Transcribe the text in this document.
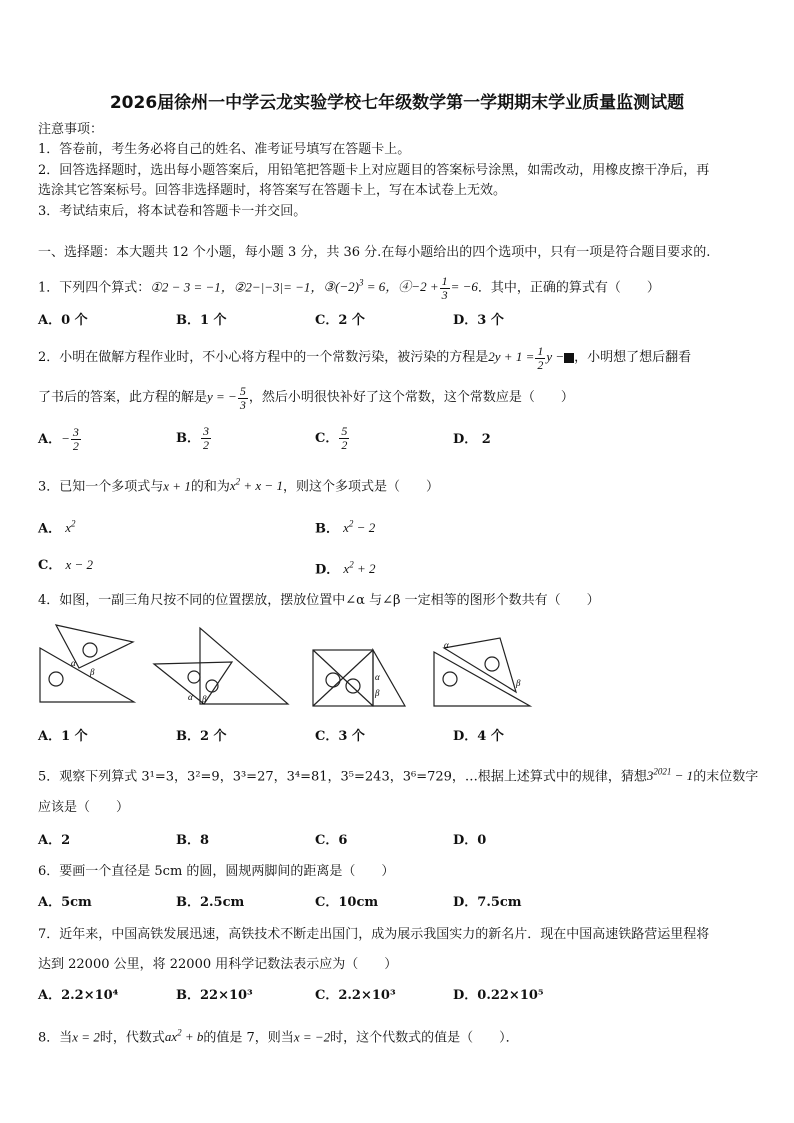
2026届徐州一中学云龙实验学校七年级数学第一学期期末学业质量监测试题
注意事项：
1．答卷前，考生务必将自己的姓名、准考证号填写在答题卡上。
2．回答选择题时，选出每小题答案后，用铅笔把答题卡上对应题目的答案标号涂黑，如需改动，用橡皮擦干净后，再
选涂其它答案标号。回答非选择题时，将答案写在答题卡上，写在本试卷上无效。
3．考试结束后，将本试卷和答题卡一并交回。
一、选择题：本大题共 12 个小题，每小题 3 分，共 36 分.在每小题给出的四个选项中，只有一项是符合题目要求的.
1．下列四个算式：①2 − 3 = −1，②2−|−3|= −1，$③(-2)^3 = 6$，④−2 + $\frac{1}{3} = -6$．其中，正确的算式有（　　）
A．0 个	B．1 个	C．2 个	D．3 个
2．小明在做解方程作业时，不小心将方程中的一个常数污染，被污染的方程是$2y + 1 = \frac{1}{2}$ y − ，小明想了想后翻看
了书后的答案，此方程的解是y = − $\frac{5}{3}$ ，然后小明很快补好了这个常数，这个常数应是（　　）
A．− $\frac{3}{2}$	B． $\frac{3}{2}$	C． $\frac{5}{2}$	D． 2
3．已知一个多项式与x + 1的和为$x^2 + x - 1$，则这个多项式是（　　）
A． $x^2$	B． $x^2 - 2$
C． x − 2	D． $x^2 + 2$
4．如图，一副三角尺按不同的位置摆放，摆放位置中∠α 与∠β 一定相等的图形个数共有（　　）
α
β
α β
α
β
α
β
A．1 个	B．2 个	C．3 个	D．4 个
5．观察下列算式 3¹=3，3²=9，3³=27，3⁴=81，3⁵=243，3⁶=729，…根据上述算式中的规律，猜想$3^{2021} - 1$的末位数字
应该是（　　）
A．2	B．8	C．6	D．0
6．要画一个直径是 5cm 的圆，圆规两脚间的距离是（　　）
A．5cm	B．2.5cm	C．10cm	D．7.5cm
7．近年来，中国高铁发展迅速，高铁技术不断走出国门，成为展示我国实力的新名片．现在中国高速铁路营运里程将
达到 22000 公里，将 22000 用科学记数法表示应为（　　）
A．2.2×10⁴	B．22×10³	C．2.2×10³	D．0.22×10⁵
8．当x = 2时，代数式$ax^2 + b$的值是 7，则当x = −2时，这个代数式的值是（　　）．
